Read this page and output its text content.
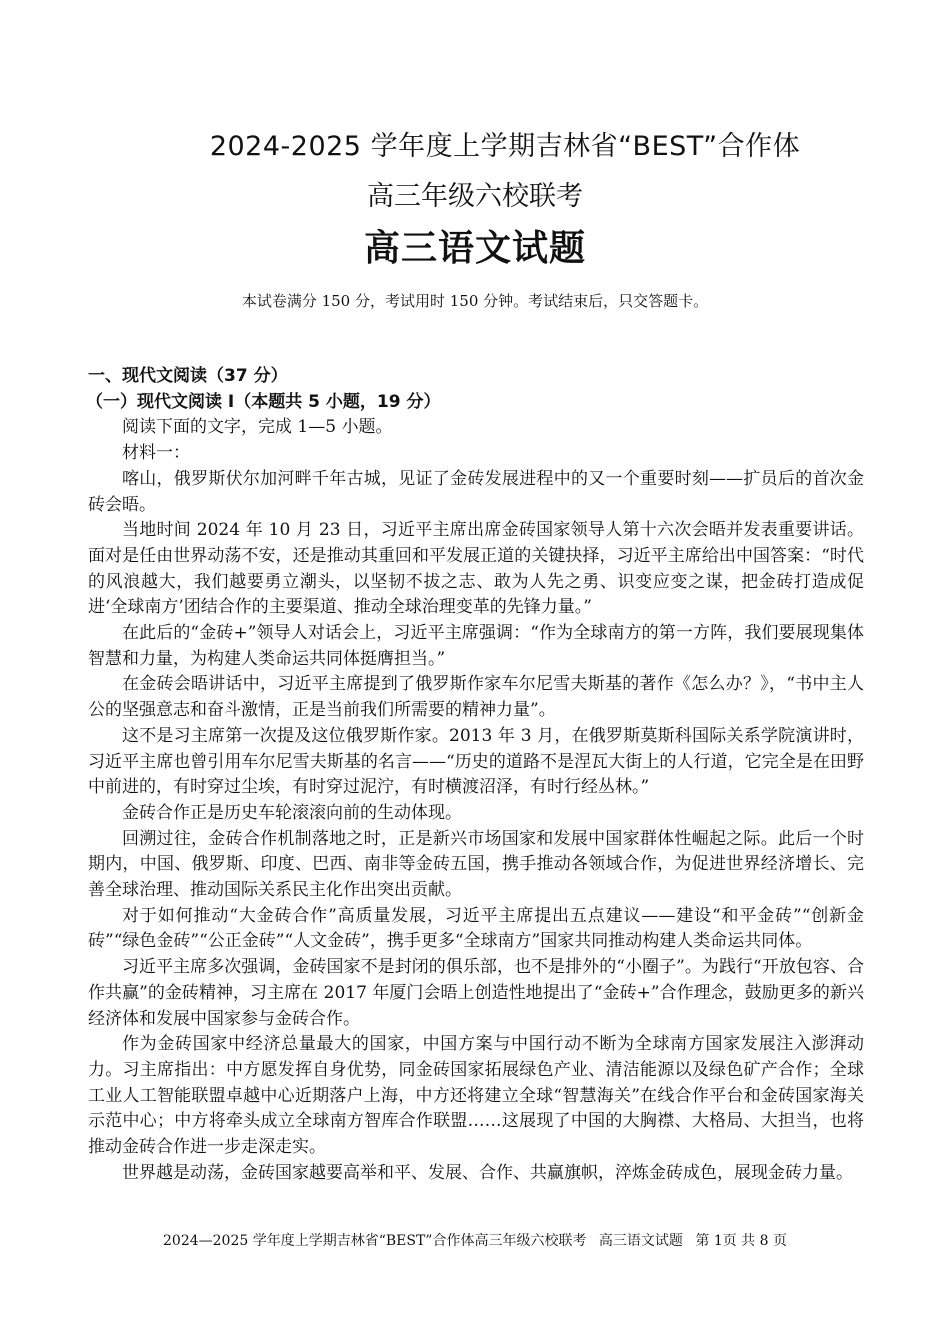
2024-2025 学年度上学期吉林省“BEST”合作体
高三年级六校联考
高三语文试题
本试卷满分 150 分，考试用时 150 分钟。考试结束后，只交答题卡。

一、现代文阅读（37 分）

（一）现代文阅读 I（本题共 5 小题，19 分）

阅读下面的文字，完成 1—5 小题。

材料一：

喀山，俄罗斯伏尔加河畔千年古城，见证了金砖发展进程中的又一个重要时刻——扩员后的首次金砖会晤。

当地时间 2024 年 10 月 23 日，习近平主席出席金砖国家领导人第十六次会晤并发表重要讲话。面对是任由世界动荡不安，还是推动其重回和平发展正道的关键抉择，习近平主席给出中国答案：“时代的风浪越大，我们越要勇立潮头，以坚韧不拔之志、敢为人先之勇、识变应变之谋，把金砖打造成促进‘全球南方’团结合作的主要渠道、推动全球治理变革的先锋力量。”

在此后的“金砖+”领导人对话会上，习近平主席强调：“作为全球南方的第一方阵，我们要展现集体智慧和力量，为构建人类命运共同体挺膺担当。”

在金砖会晤讲话中，习近平主席提到了俄罗斯作家车尔尼雪夫斯基的著作《怎么办？》，“书中主人公的坚强意志和奋斗激情，正是当前我们所需要的精神力量”。

这不是习主席第一次提及这位俄罗斯作家。2013 年 3 月，在俄罗斯莫斯科国际关系学院演讲时，习近平主席也曾引用车尔尼雪夫斯基的名言——“历史的道路不是涅瓦大街上的人行道，它完全是在田野中前进的，有时穿过尘埃，有时穿过泥泞，有时横渡沼泽，有时行经丛林。”

金砖合作正是历史车轮滚滚向前的生动体现。

回溯过往，金砖合作机制落地之时，正是新兴市场国家和发展中国家群体性崛起之际。此后一个时期内，中国、俄罗斯、印度、巴西、南非等金砖五国，携手推动各领域合作，为促进世界经济增长、完善全球治理、推动国际关系民主化作出突出贡献。

对于如何推动“大金砖合作”高质量发展，习近平主席提出五点建议——建设“和平金砖”“创新金砖”“绿色金砖”“公正金砖”“人文金砖”，携手更多“全球南方”国家共同推动构建人类命运共同体。

习近平主席多次强调，金砖国家不是封闭的俱乐部，也不是排外的“小圈子”。为践行“开放包容、合作共赢”的金砖精神，习主席在 2017 年厦门会晤上创造性地提出了“金砖+”合作理念，鼓励更多的新兴经济体和发展中国家参与金砖合作。

作为金砖国家中经济总量最大的国家，中国方案与中国行动不断为全球南方国家发展注入澎湃动力。习主席指出：中方愿发挥自身优势，同金砖国家拓展绿色产业、清洁能源以及绿色矿产合作；全球工业人工智能联盟卓越中心近期落户上海，中方还将建立全球“智慧海关”在线合作平台和金砖国家海关示范中心；中方将牵头成立全球南方智库合作联盟……这展现了中国的大胸襟、大格局、大担当，也将推动金砖合作进一步走深走实。

世界越是动荡，金砖国家越要高举和平、发展、合作、共赢旗帜，淬炼金砖成色，展现金砖力量。

2024—2025 学年度上学期吉林省“BEST”合作体高三年级六校联考 高三语文试题 第 1页 共 8 页
